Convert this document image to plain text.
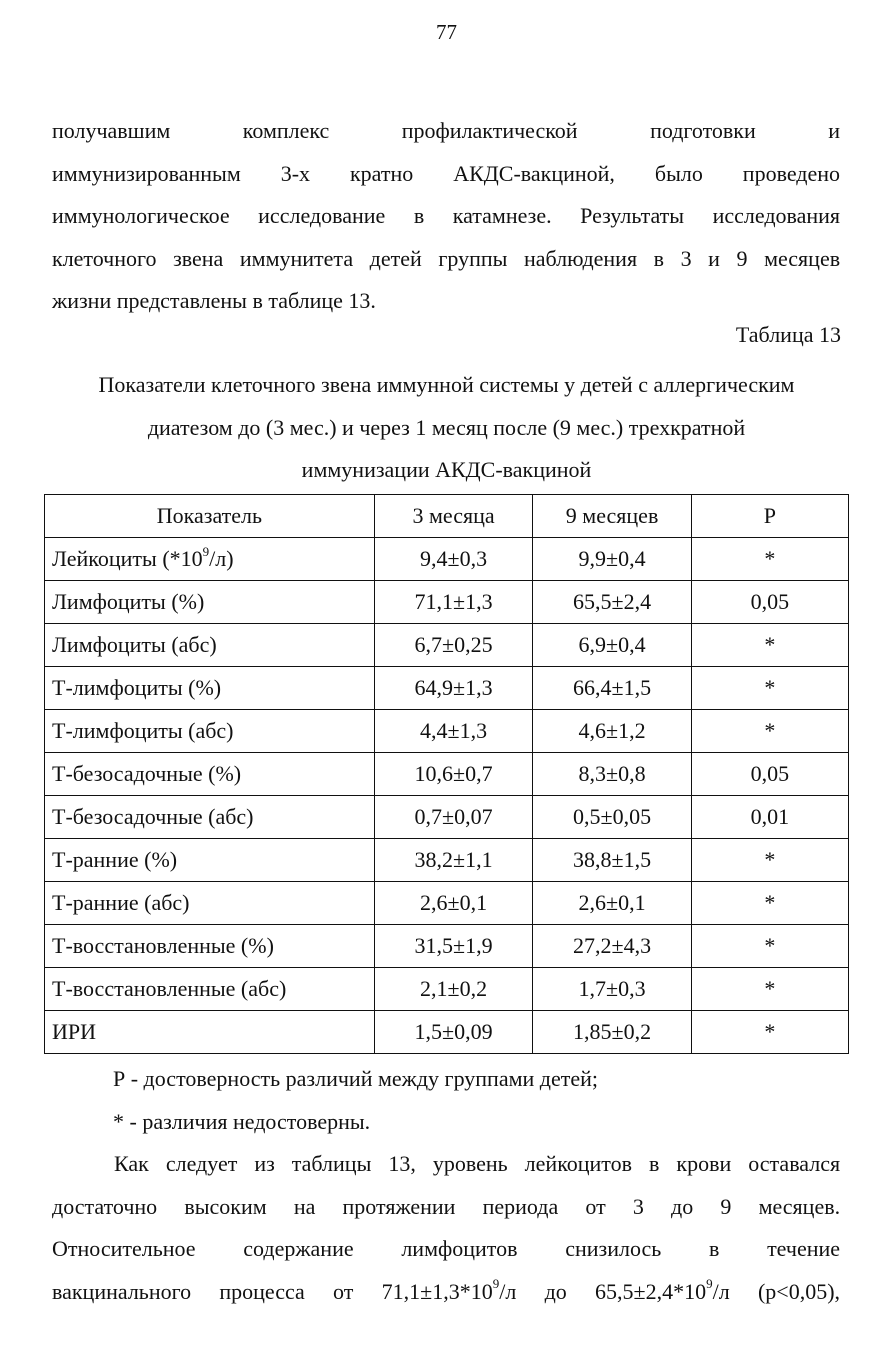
77
получавшим	комплекс	профилактической	подготовки	и
иммунизированным 3-х кратно АКДС-вакциной, было проведено
иммунологическое исследование в катамнезе. Результаты исследования
клеточного звена иммунитета детей группы наблюдения в 3 и 9 месяцев
жизни представлены в таблице 13.
Таблица 13
Показатели клеточного звена иммунной системы у детей с аллергическим
диатезом до (3 мес.) и через 1 месяц после (9 мес.) трехкратной
иммунизации АКДС-вакциной
Показатель	3 месяца	9 месяцев	Р
Лейкоциты $(*10^9/л)$	9,4±0,3	9,9±0,4	*
Лимфоциты (%)	71,1±1,3	65,5±2,4	0,05
Лимфоциты (абс)	6,7±0,25	6,9±0,4	*
Т-лимфоциты (%)	64,9±1,3	66,4±1,5	*
Т-лимфоциты (абс)	4,4±1,3	4,6±1,2	*
Т-безосадочные (%)	10,6±0,7	8,3±0,8	0,05
Т-безосадочные (абс)	0,7±0,07	0,5±0,05	0,01
Т-ранние (%)	38,2±1,1	38,8±1,5	*
Т-ранние (абс)	2,6±0,1	2,6±0,1	*
Т-восстановленные (%)	31,5±1,9	27,2±4,3	*
Т-восстановленные (абс)	2,1±0,2	1,7±0,3	*
ИРИ	1,5±0,09	1,85±0,2	*
Р - достоверность различий между группами детей;
* - различия недостоверны.
Как следует из таблицы 13, уровень лейкоцитов в крови оставался
достаточно высоким на протяжении периода от 3 до 9 месяцев.
Относительное содержание лимфоцитов снизилось в течение
вакцинального процесса от $71,1\pm 1,3*10^9/л$ до $65,5\pm 2,4*10^9/л$ (р<0,05),
